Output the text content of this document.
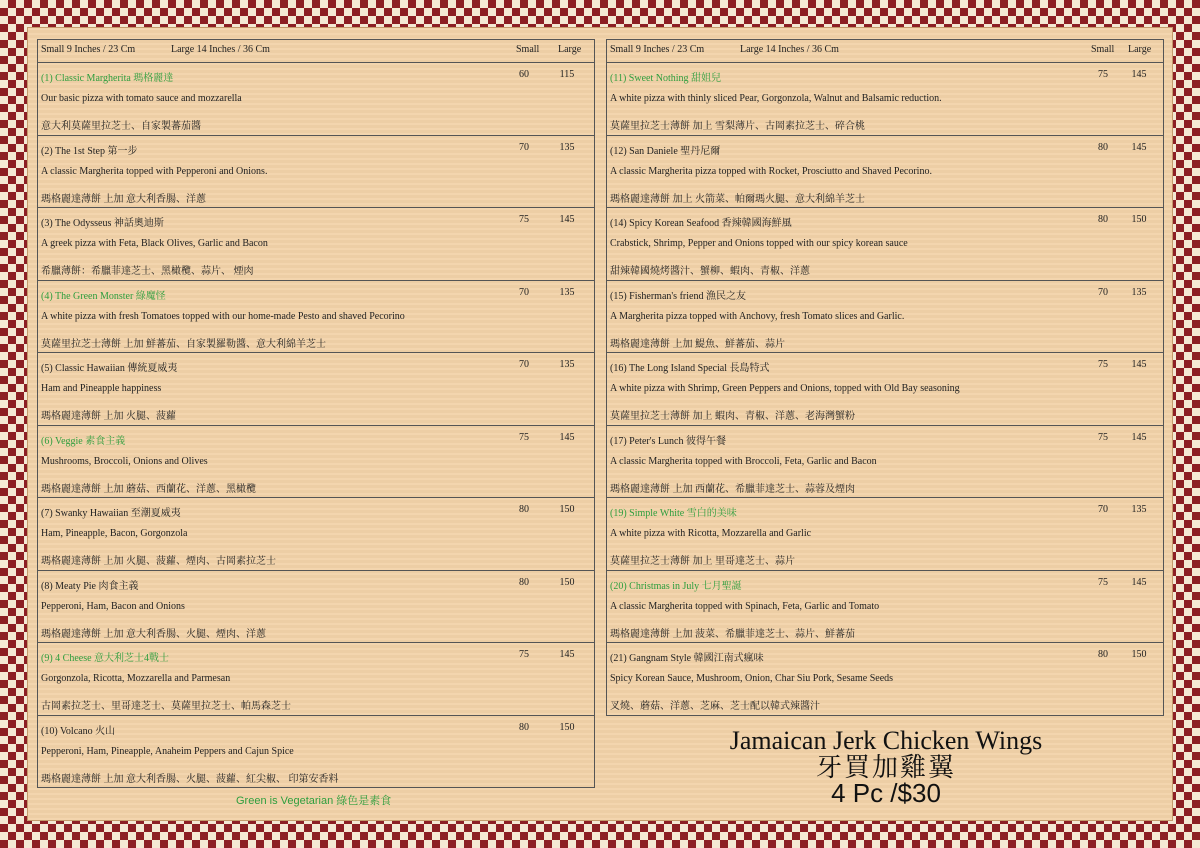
Small 9 Inches / 23 Cm	Large 14 Inches / 36 Cm	Small Large
(1) Classic Margherita 瑪格麗達	60	115
Our basic pizza with tomato sauce and mozzarella
意大利莫薩里拉芝士、自家製蕃茄醬
(2) The 1st Step 第一步	70	135
A classic Margherita topped with Pepperoni and Onions.
瑪格麗達薄餅 上加 意大利香腸、洋蔥
(3) The Odysseus 神話奧迪斯	75	145
A greek pizza with Feta, Black Olives, Garlic and Bacon
希臘薄餅：希臘菲達芝士、黑橄欖、蒜片、 煙肉
(4) The Green Monster 綠魔怪	70	135
A white pizza with fresh Tomatoes topped with our home-made Pesto and shaved Pecorino
莫薩里拉芝士薄餅 上加 鮮蕃茄、自家製羅勒醬、意大利綿羊芝士
(5) Classic Hawaiian 傳統夏威夷	70	135
Ham and Pineapple happiness
瑪格麗達薄餅 上加 火腿、菠蘿
(6) Veggie 素食主義	75	145
Mushrooms, Broccoli, Onions and Olives
瑪格麗達薄餅 上加 蘑菇、西蘭花、洋蔥、黑橄欖
(7) Swanky Hawaiian 至潮夏威夷	80	150
Ham, Pineapple, Bacon, Gorgonzola
瑪格麗達薄餅 上加 火腿、菠蘿、煙肉、古岡素拉芝士
(8) Meaty Pie 肉食主義	80	150
Pepperoni, Ham, Bacon and Onions
瑪格麗達薄餅 上加 意大利香腸、火腿、煙肉、洋蔥
(9) 4 Cheese 意大利芝士4戰士	75	145
Gorgonzola, Ricotta, Mozzarella and Parmesan
古岡素拉芝士、里哥達芝士、莫薩里拉芝士、帕馬森芝士
(10) Volcano 火山	80	150
Pepperoni, Ham, Pineapple, Anaheim Peppers and Cajun Spice
瑪格麗達薄餅 上加 意大利香腸、火腿、菠蘿、紅尖椒、 印第安香料
Small 9 Inches / 23 Cm	Large 14 Inches / 36 Cm	Small Large
(11) Sweet Nothing 甜姐兒	75	145
A white pizza with thinly sliced Pear, Gorgonzola, Walnut and Balsamic reduction.
莫薩里拉芝士薄餅 加上 雪梨薄片、古岡素拉芝士、碎合桃
(12) San Daniele 聖丹尼爾	80	145
A classic Margherita pizza topped with Rocket, Prosciutto and Shaved Pecorino.
瑪格麗達薄餅 加上 火箭菜、帕爾瑪火腿、意大利綿羊芝士
(14) Spicy Korean Seafood 香辣韓國海鮮風	80	150
Crabstick, Shrimp, Pepper and Onions topped with our spicy korean sauce
甜辣韓國燒烤醬汁、蟹柳、蝦肉、青椒、洋蔥
(15) Fisherman's friend 漁民之友	70	135
A Margherita pizza topped with Anchovy, fresh Tomato slices and Garlic.
瑪格麗達薄餅 上加 鯷魚、鮮蕃茄、蒜片
(16) The Long Island Special 長島特式	75	145
A white pizza with Shrimp, Green Peppers and Onions, topped with Old Bay seasoning
莫薩里拉芝士薄餅 加上 蝦肉、青椒、洋蔥、老海灣蟹粉
(17) Peter's Lunch 彼得午餐	75	145
A classic Margherita topped with Broccoli, Feta, Garlic and Bacon
瑪格麗達薄餅 上加 西蘭花、希臘菲達芝士、蒜蓉及煙肉
(19) Simple White 雪白的美味	70	135
A white pizza with Ricotta, Mozzarella and Garlic
莫薩里拉芝士薄餅 加上 里哥達芝士、蒜片
(20) Christmas in July 七月聖誕	75	145
A classic Margherita topped with Spinach, Feta, Garlic and Tomato
瑪格麗達薄餅 上加 菠菜、希臘菲達芝士、蒜片、鮮蕃茄
(21) Gangnam Style 韓國江南式瘋味	80	150
Spicy Korean Sauce, Mushroom, Onion, Char Siu Pork, Sesame Seeds
叉燒、蘑菇、洋蔥、芝麻、芝士配以韓式辣醬汁
Green is Vegetarian 綠色是素食
Jamaican Jerk Chicken Wings
牙買加雞翼
4 Pc /$30
